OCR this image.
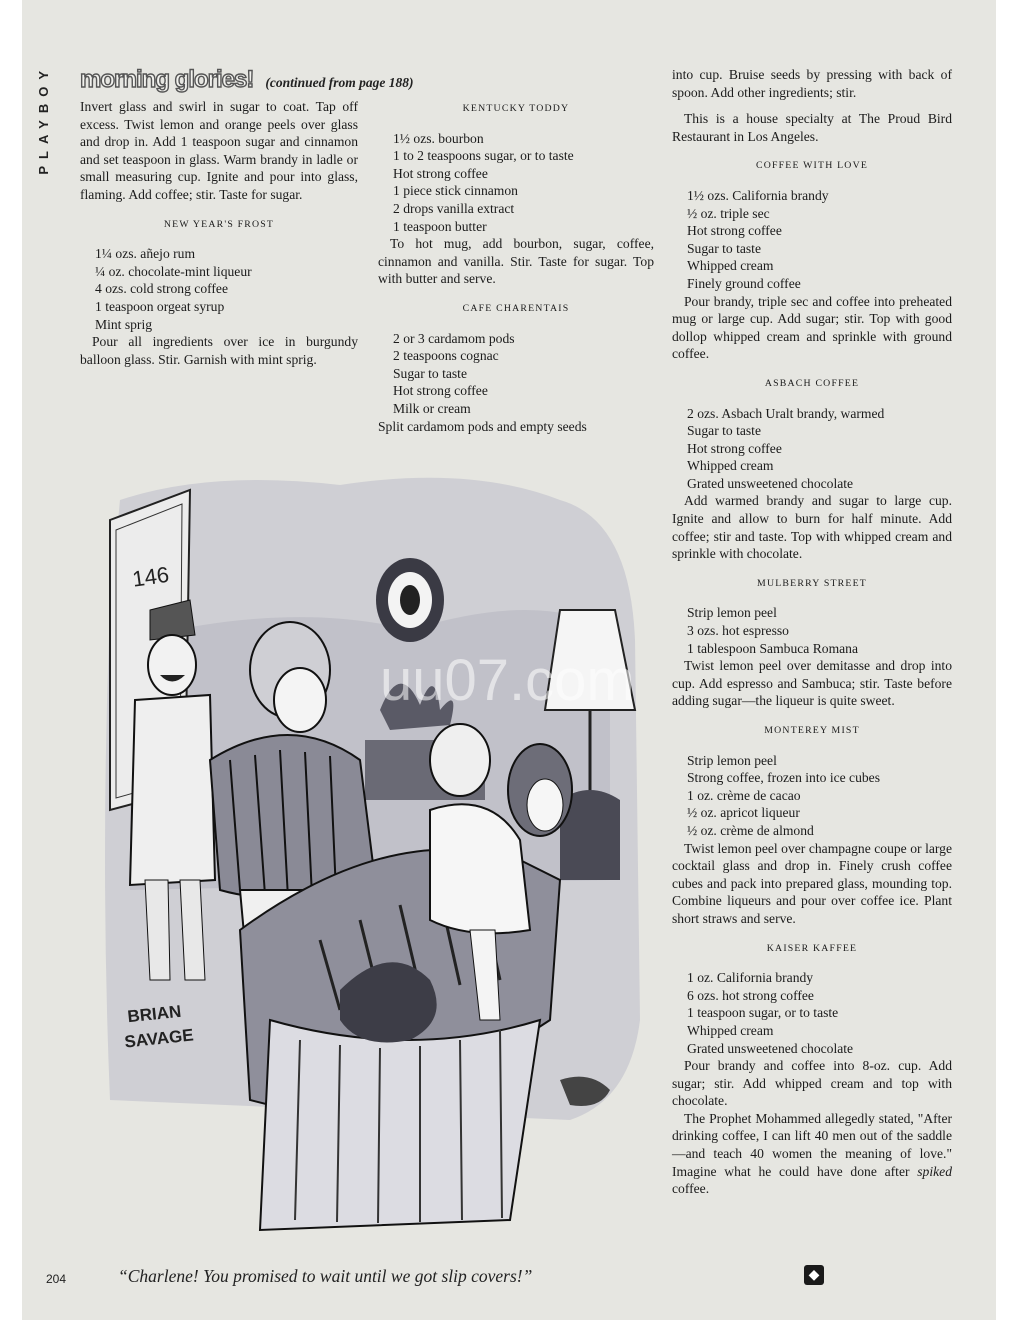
PLAYBOY	morning glories! (continued from page 188)

Invert glass and swirl in sugar to coat. Tap off excess. Twist lemon and orange peels over glass and drop in. Add 1 teaspoon sugar and cinnamon and set teaspoon in glass. Warm brandy in ladle or small measuring cup. Ignite and pour into glass, flaming. Add coffee; stir. Taste for sugar.

NEW YEAR'S FROST
1¼ ozs. añejo rum
¼ oz. chocolate-mint liqueur
4 ozs. cold strong coffee
1 teaspoon orgeat syrup
Mint sprig

Pour all ingredients over ice in burgundy balloon glass. Stir. Garnish with mint sprig.

KENTUCKY TODDY
1½ ozs. bourbon
1 to 2 teaspoons sugar, or to taste
Hot strong coffee
1 piece stick cinnamon
2 drops vanilla extract
1 teaspoon butter

To hot mug, add bourbon, sugar, coffee, cinnamon and vanilla. Stir. Taste for sugar. Top with butter and serve.

CAFE CHARENTAIS
2 or 3 cardamom pods
2 teaspoons cognac
Sugar to taste
Hot strong coffee
Milk or cream

Split cardamom pods and empty seeds

into cup. Bruise seeds by pressing with back of spoon. Add other ingredients; stir.

This is a house specialty at The Proud Bird Restaurant in Los Angeles.

COFFEE WITH LOVE
1½ ozs. California brandy
½ oz. triple sec
Hot strong coffee
Sugar to taste
Whipped cream
Finely ground coffee

Pour brandy, triple sec and coffee into preheated mug or large cup. Add sugar; stir. Top with good dollop whipped cream and sprinkle with ground coffee.

ASBACH COFFEE
2 ozs. Asbach Uralt brandy, warmed
Sugar to taste
Hot strong coffee
Whipped cream
Grated unsweetened chocolate

Add warmed brandy and sugar to large cup. Ignite and allow to burn for half minute. Add coffee; stir and taste. Top with whipped cream and sprinkle with chocolate.

MULBERRY STREET
Strip lemon peel
3 ozs. hot espresso
1 tablespoon Sambuca Romana

Twist lemon peel over demitasse and drop into cup. Add espresso and Sambuca; stir. Taste before adding sugar—the liqueur is quite sweet.

MONTEREY MIST
Strip lemon peel
Strong coffee, frozen into ice cubes
1 oz. crème de cacao
½ oz. apricot liqueur
½ oz. crème de almond

Twist lemon peel over champagne coupe or large cocktail glass and drop in. Finely crush coffee cubes and pack into prepared glass, mounding top. Combine liqueurs and pour over coffee ice. Plant short straws and serve.

KAISER KAFFEE
1 oz. California brandy
6 ozs. hot strong coffee
1 teaspoon sugar, or to taste
Whipped cream
Grated unsweetened chocolate

Pour brandy and coffee into 8-oz. cup. Add sugar; stir. Add whipped cream and top with chocolate.

The Prophet Mohammed allegedly stated, "After drinking coffee, I can lift 40 men out of the saddle—and teach 40 women the meaning of love." Imagine what he could have done after spiked coffee.

146
BRIAN
SAVAGE
uu07.com
“Charlene! You promised to wait until we got slip covers!”
204	◆
